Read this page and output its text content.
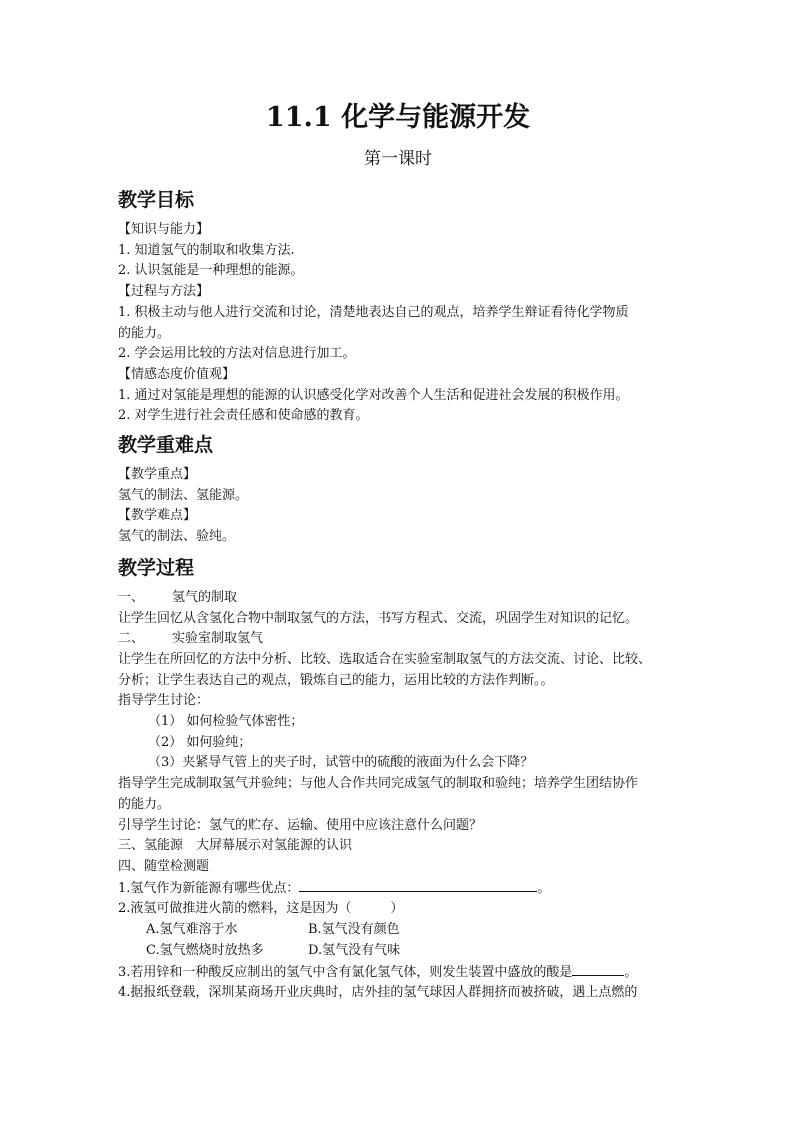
11.1 化学与能源开发
第一课时
教学目标
【知识与能力】
1. 知道氢气的制取和收集方法.
2. 认识氢能是一种理想的能源。
【过程与方法】
1. 积极主动与他人进行交流和讨论，清楚地表达自己的观点，培养学生辩证看待化学物质
的能力。
2. 学会运用比较的方法对信息进行加工。
【情感态度价值观】
1. 通过对氢能是理想的能源的认识感受化学对改善个人生活和促进社会发展的积极作用。
2. 对学生进行社会责任感和使命感的教育。
教学重难点
【教学重点】
氢气的制法、氢能源。
【教学难点】
氢气的制法、验纯。
教学过程
一、 氢气的制取
让学生回忆从含氢化合物中制取氢气的方法，书写方程式、交流，巩固学生对知识的记忆。
二、 实验室制取氢气
让学生在所回忆的方法中分析、比较、选取适合在实验室制取氢气的方法交流、讨论、比较、
分析；让学生表达自己的观点，锻炼自己的能力，运用比较的方法作判断。。
指导学生讨论：
（1） 如何检验气体密性；
（2） 如何验纯；
（3）夹紧导气管上的夹子时，试管中的硫酸的液面为什么会下降？
指导学生完成制取氢气并验纯；与他人合作共同完成氢气的制取和验纯；培养学生团结协作
的能力。
引导学生讨论：氢气的贮存、运输、使用中应该注意什么问题？
三、氢能源　大屏幕展示对氢能源的认识
四、随堂检测题
1.氢气作为新能源有哪些优点：	。
2.液氢可做推进火箭的燃料，这是因为（　　　）
A.氢气难溶于水	B.氢气没有颜色
C.氢气燃烧时放热多	D.氢气没有气味
3.若用锌和一种酸反应制出的氢气中含有氯化氢气体，则发生装置中盛放的酸是	。
4.据报纸登载，深圳某商场开业庆典时，店外挂的氢气球因人群拥挤而被挤破，遇上点燃的
